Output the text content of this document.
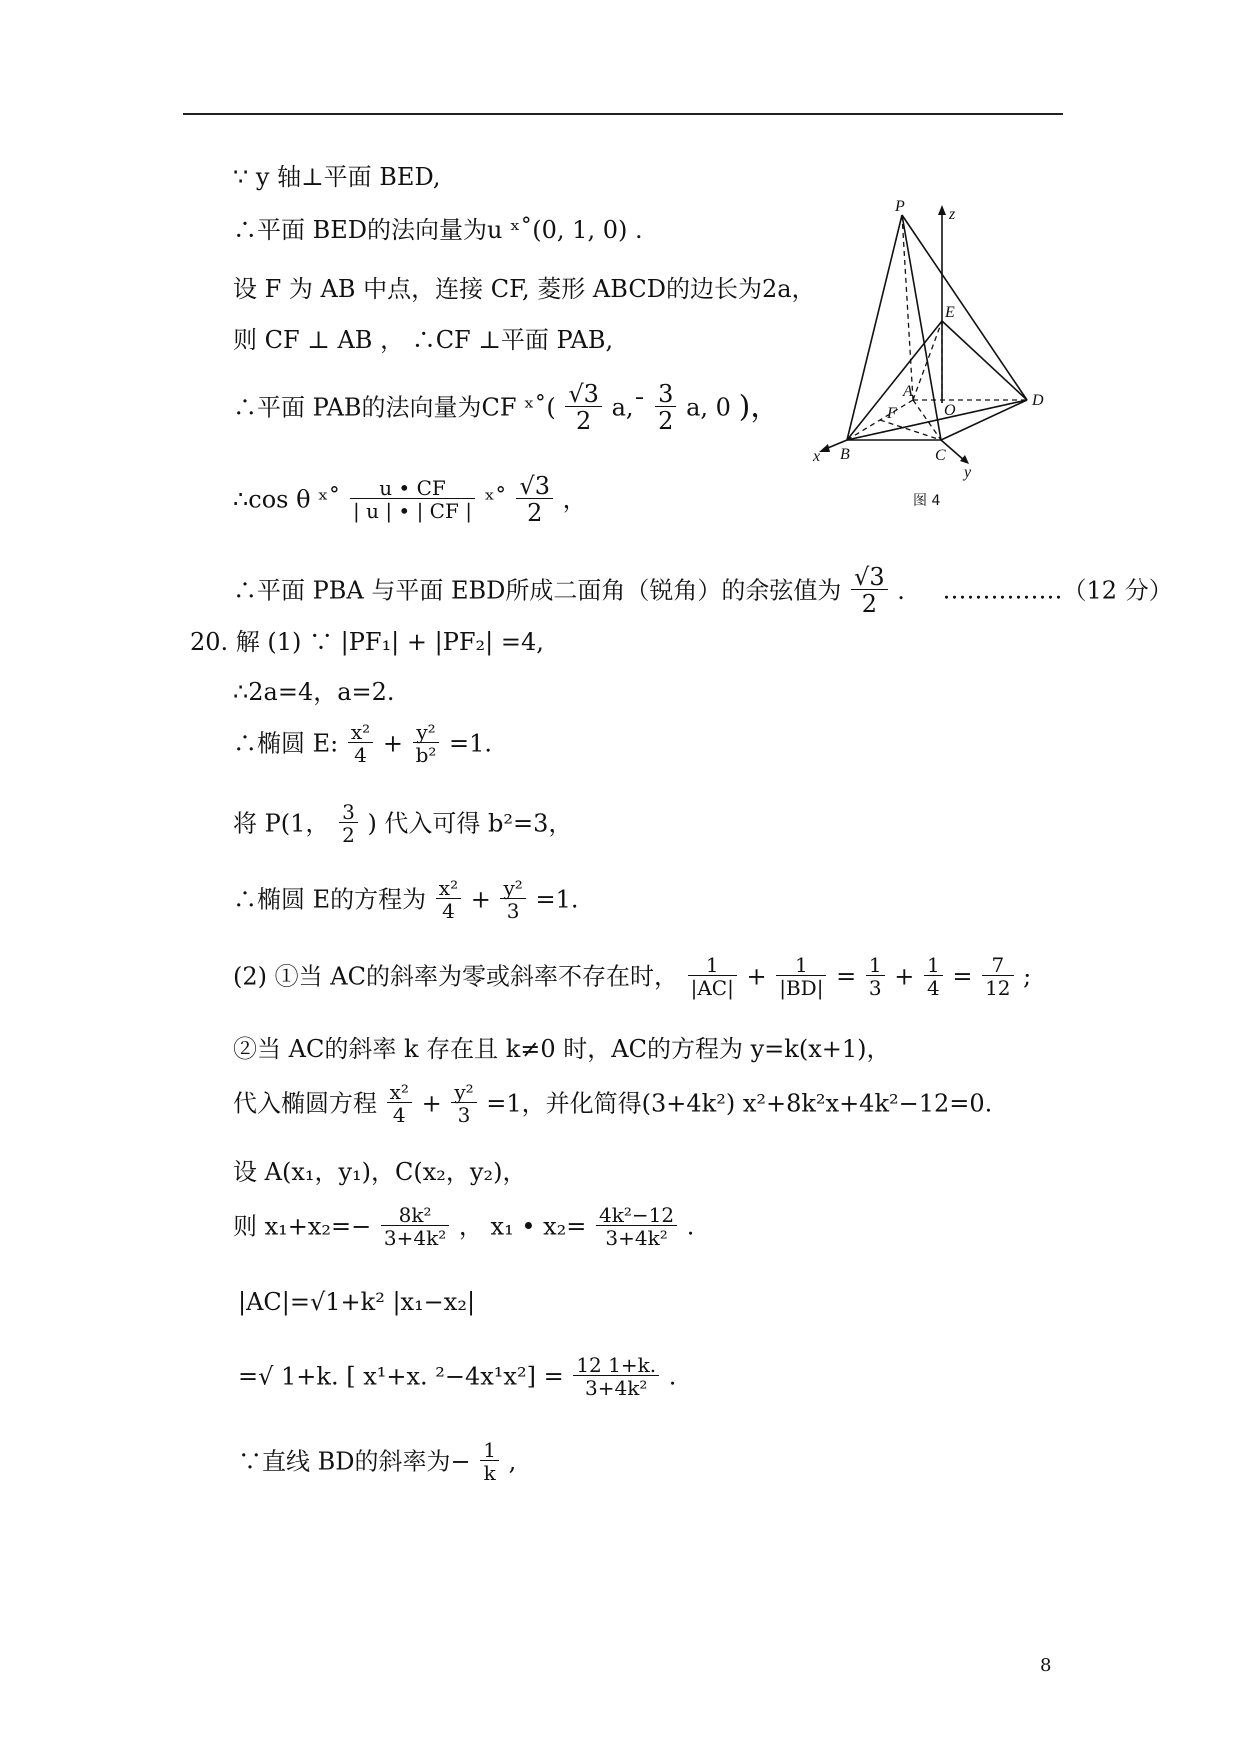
∵ y 轴⊥平面 BED,
∴平面 BED的法向量为u ˣ˚(0, 1, 0) .
设 F 为 AB 中点，连接 CF, 菱形 ABCD的边长为2a，
则 CF ⊥ AB ， ∴CF ⊥平面 PAB,
∴平面 PAB的法向量为CF ˣ˚( $\frac{√3}{2}$ a,ˉ $\frac{3}{2} a$, 0 )，
∴cos θ ˣ˚ $\frac{u • CF}{| u | • | CF |}$ ˣ˚ $\frac{√3}{2}$ ，
∴平面 PBA 与平面 EBD所成二面角（锐角）的余弦值为 $\frac{√3}{2}$ . ……………（12 分）
20. 解 (1) ∵ |PF₁| + |PF₂| =4,
∴2a=4，a=2.
∴椭圆 E: $\frac{\text{x²}}{4} + \frac{\text{y²}}{\text{b²}} =1$.
将 P(1， $\frac{3}{2}$ ) 代入可得 b²=3，
∴椭圆 E的方程为 $\frac{\text{x²}}{4} + \frac{\text{y²}}{3} =1$.
(2) ①当 AC的斜率为零或斜率不存在时， $\frac{1}{|AC|} + \frac{1}{|BD|} = \frac{1}{3} + \frac{1}{4} = \frac{7}{12}$ ;
②当 AC的斜率 k 存在且 k≠0 时，AC的方程为 y=k(x+1)，
代入椭圆方程 $\frac{\text{x²}}{4} + \frac{\text{y²}}{3} =1$，并化简得(3+4k²) x²+8k²x+4k²−12=0.
设 A(x₁，y₁)，C(x₂，y₂)，
则 $x_1+x_2=- \frac{\text{8k²}}{\text{3+4k²}}$ ， x₁ • $x_2= \frac{\text{4k²−12}}{\text{3+4k²}}$ .
|AC|=√1+k² |x₁−x₂|
=√ 1+k. [ x¹+x. $^2-4x^1x^2] = \frac{12 1+k.}{\text{3+4k²}}$ .
∵直线 BD的斜率为− $\frac{1}{k}$ ,
P	z
E
A
D
F	O
x B	C
y
图 4
8
